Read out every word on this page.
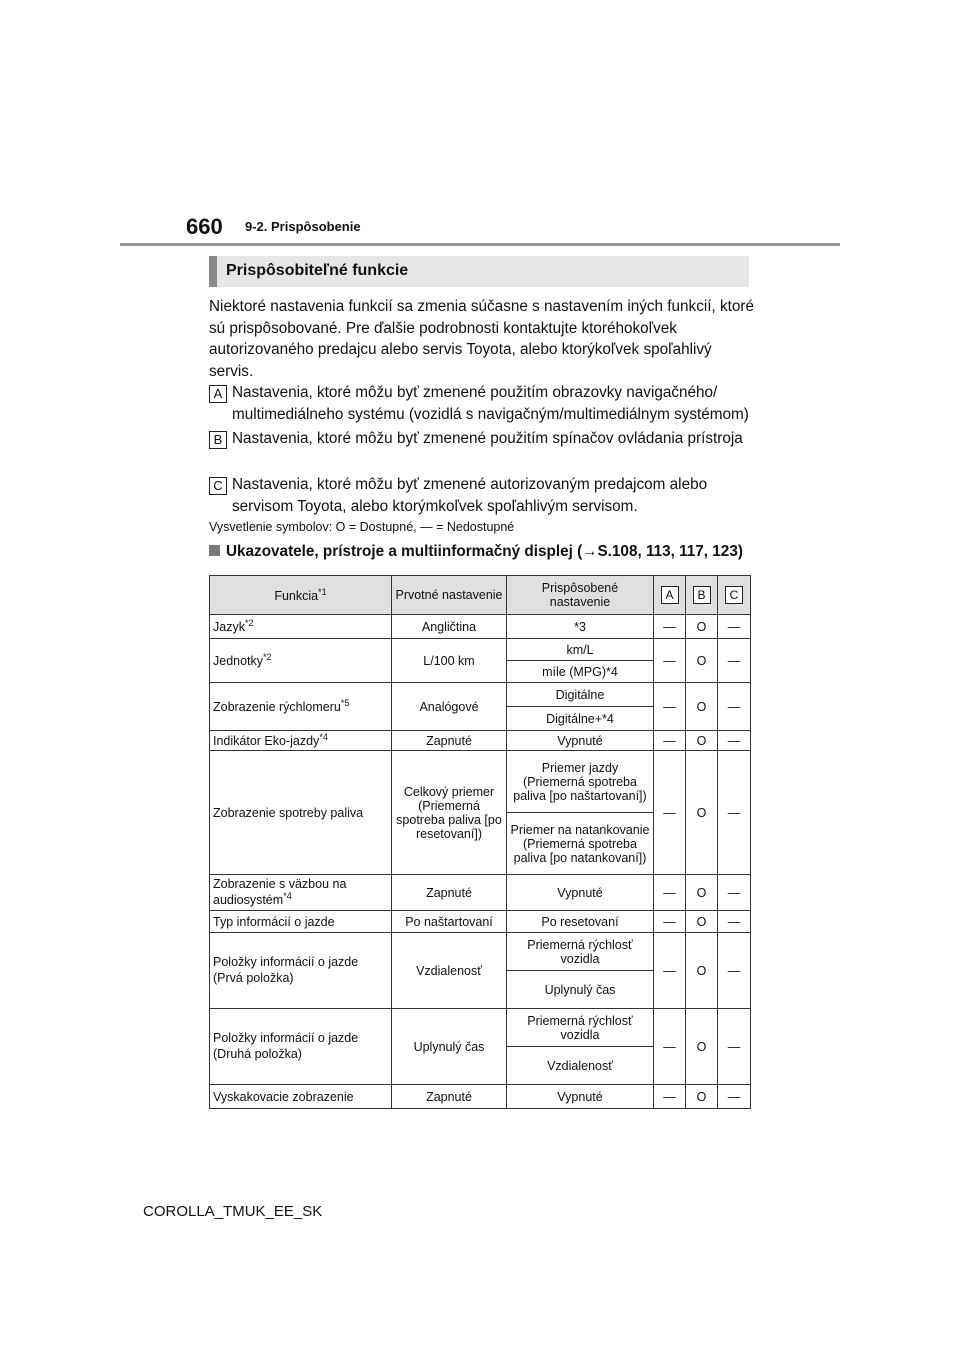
660 9-2. Prispôsobenie
Prispôsobiteľné funkcie
Niektoré nastavenia funkcií sa zmenia súčasne s nastavením iných funkcií, ktoré sú prispôsobované. Pre ďalšie podrobnosti kontaktujte ktoréhokoľvek autorizovaného predajcu alebo servis Toyota, alebo ktorýkoľvek spoľahlivý servis.
A Nastavenia, ktoré môžu byť zmenené použitím obrazovky navigačného/ multimediálneho systému (vozidlá s navigačným/multimediálnym systémom)
B Nastavenia, ktoré môžu byť zmenené použitím spínačov ovládania prístroja
C Nastavenia, ktoré môžu byť zmenené autorizovaným predajcom alebo servisom Toyota, alebo ktorýmkoľvek spoľahlivým servisom.
Vysvetlenie symbolov: O = Dostupné, — = Nedostupné
Ukazovatele, prístroje a multiinformačný displej (→S.108, 113, 117, 123)
Funkcia$^{*1}$	Prvotné nastavenie	Prispôsobené nastavenie	A	B	C
Jazyk$^{*2}$	Angličtina	*3	—	O	—
Jednotky$^{*2}$	L/100 km	km/L	—	O	—
		míle (MPG)*4			
Zobrazenie rýchlomeru$^{*5}$	Analógové	Digitálne	—	O	—
		Digitálne+*4			
Indikátor Eko-jazdy$^{*4}$	Zapnuté	Vypnuté	—	O	—
Zobrazenie spotreby paliva	Celkový priemer (Priemerná spotreba paliva [po resetovaní])	Priemer jazdy (Priemerná spotreba paliva [po naštartovaní])	—	O	—
		Priemer na natankovanie (Priemerná spotreba paliva [po natankovaní])			
Zobrazenie s väzbou na audiosystém$^{*4}$	Zapnuté	Vypnuté	—	O	—
Typ informácií o jazde	Po naštartovaní	Po resetovaní	—	O	—
Položky informácií o jazde (Prvá položka)	Vzdialenosť	Priemerná rýchlosť vozidla	—	O	—
		Uplynulý čas			
Položky informácií o jazde (Druhá položka)	Uplynulý čas	Priemerná rýchlosť vozidla	—	O	—
		Vzdialenosť			
Vyskakovacie zobrazenie	Zapnuté	Vypnuté	—	O	—
COROLLA_TMUK_EE_SK
